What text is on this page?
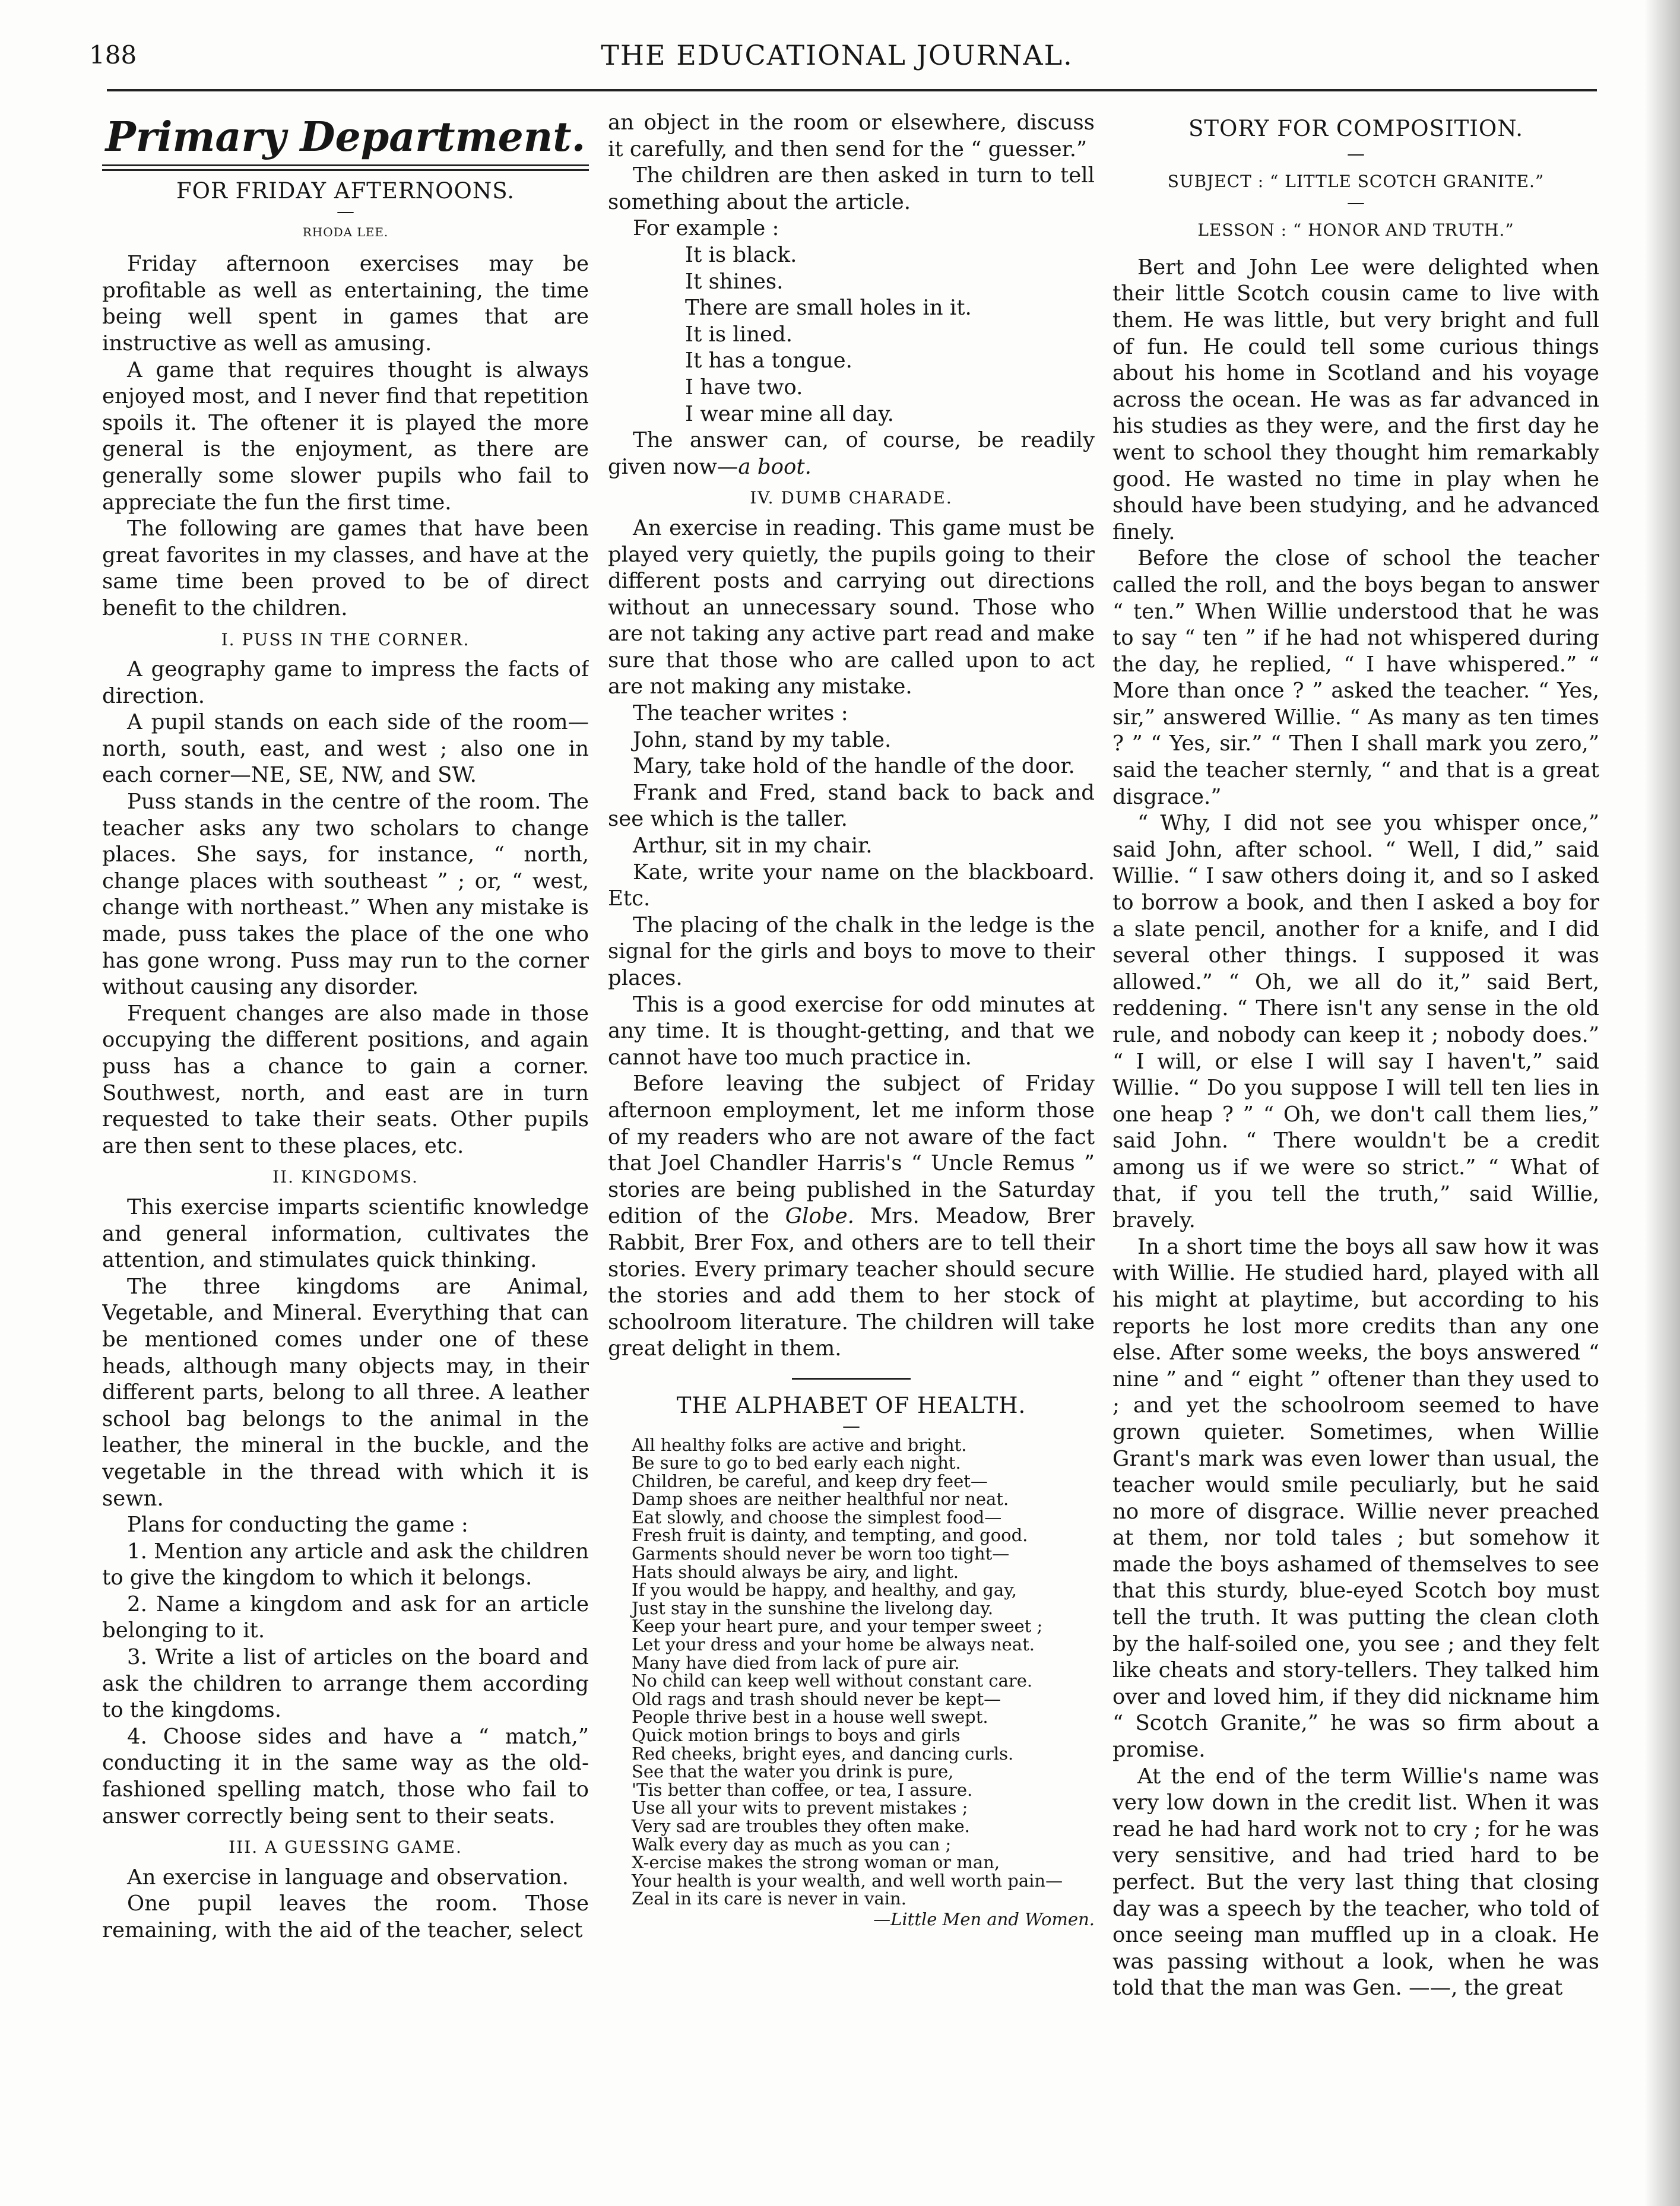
188	THE EDUCATIONAL JOURNAL.
Primary Department.
FOR FRIDAY AFTERNOONS.
—
RHODA LEE.

Friday afternoon exercises may be profitable as well as entertaining, the time being well spent in games that are instructive as well as amusing.

A game that requires thought is always enjoyed most, and I never find that repetition spoils it. The oftener it is played the more general is the enjoyment, as there are generally some slower pupils who fail to appreciate the fun the first time.

The following are games that have been great favorites in my classes, and have at the same time been proved to be of direct benefit to the children.

I. PUSS IN THE CORNER.

A geography game to impress the facts of direction.

A pupil stands on each side of the room—north, south, east, and west ; also one in each corner—NE, SE, NW, and SW.

Puss stands in the centre of the room. The teacher asks any two scholars to change places. She says, for instance, “ north, change places with southeast ” ; or, “ west, change with northeast.” When any mistake is made, puss takes the place of the one who has gone wrong. Puss may run to the corner without causing any disorder.

Frequent changes are also made in those occupying the different positions, and again puss has a chance to gain a corner. Southwest, north, and east are in turn requested to take their seats. Other pupils are then sent to these places, etc.

II. KINGDOMS.

This exercise imparts scientific knowledge and general information, cultivates the attention, and stimulates quick thinking.

The three kingdoms are Animal, Vegetable, and Mineral. Everything that can be mentioned comes under one of these heads, although many objects may, in their different parts, belong to all three. A leather school bag belongs to the animal in the leather, the mineral in the buckle, and the vegetable in the thread with which it is sewn.

Plans for conducting the game :

1. Mention any article and ask the children to give the kingdom to which it belongs.

2. Name a kingdom and ask for an article belonging to it.

3. Write a list of articles on the board and ask the children to arrange them according to the kingdoms.

4. Choose sides and have a “ match,” conducting it in the same way as the old-fashioned spelling match, those who fail to answer correctly being sent to their seats.

III. A GUESSING GAME.

An exercise in language and observation.

One pupil leaves the room. Those remaining, with the aid of the teacher, select

an object in the room or elsewhere, discuss it carefully, and then send for the “ guesser.”

The children are then asked in turn to tell something about the article.

For example :

It is black.
It shines.
There are small holes in it.
It is lined.
It has a tongue.
I have two.
I wear mine all day.

The answer can, of course, be readily given now—a boot.

IV. DUMB CHARADE.

An exercise in reading. This game must be played very quietly, the pupils going to their different posts and carrying out directions without an unnecessary sound. Those who are not taking any active part read and make sure that those who are called upon to act are not making any mistake.

The teacher writes :

John, stand by my table.

Mary, take hold of the handle of the door.

Frank and Fred, stand back to back and see which is the taller.

Arthur, sit in my chair.

Kate, write your name on the blackboard. Etc.

The placing of the chalk in the ledge is the signal for the girls and boys to move to their places.

This is a good exercise for odd minutes at any time. It is thought-getting, and that we cannot have too much practice in.

Before leaving the subject of Friday afternoon employment, let me inform those of my readers who are not aware of the fact that Joel Chandler Harris's “ Uncle Remus ” stories are being published in the Saturday edition of the Globe. Mrs. Meadow, Brer Rabbit, Brer Fox, and others are to tell their stories. Every primary teacher should secure the stories and add them to her stock of schoolroom literature. The children will take great delight in them.

THE ALPHABET OF HEALTH.
—
All healthy folks are active and bright.
Be sure to go to bed early each night.
Children, be careful, and keep dry feet—
Damp shoes are neither healthful nor neat.
Eat slowly, and choose the simplest food—
Fresh fruit is dainty, and tempting, and good.
Garments should never be worn too tight—
Hats should always be airy, and light.
If you would be happy, and healthy, and gay,
Just stay in the sunshine the livelong day.
Keep your heart pure, and your temper sweet ;
Let your dress and your home be always neat.
Many have died from lack of pure air.
No child can keep well without constant care.
Old rags and trash should never be kept—
People thrive best in a house well swept.
Quick motion brings to boys and girls
Red cheeks, bright eyes, and dancing curls.
See that the water you drink is pure,
'Tis better than coffee, or tea, I assure.
Use all your wits to prevent mistakes ;
Very sad are troubles they often make.
Walk every day as much as you can ;
X-ercise makes the strong woman or man,
Your health is your wealth, and well worth pain—
Zeal in its care is never in vain.
—Little Men and Women.
STORY FOR COMPOSITION.
—
SUBJECT : “ LITTLE SCOTCH GRANITE.”
—
LESSON : “ HONOR AND TRUTH.”

Bert and John Lee were delighted when their little Scotch cousin came to live with them. He was little, but very bright and full of fun. He could tell some curious things about his home in Scotland and his voyage across the ocean. He was as far advanced in his studies as they were, and the first day he went to school they thought him remarkably good. He wasted no time in play when he should have been studying, and he advanced finely.

Before the close of school the teacher called the roll, and the boys began to answer “ ten.” When Willie understood that he was to say “ ten ” if he had not whispered during the day, he replied, “ I have whispered.” “ More than once ? ” asked the teacher. “ Yes, sir,” answered Willie. “ As many as ten times ? ” “ Yes, sir.” “ Then I shall mark you zero,” said the teacher sternly, “ and that is a great disgrace.”

“ Why, I did not see you whisper once,” said John, after school. “ Well, I did,” said Willie. “ I saw others doing it, and so I asked to borrow a book, and then I asked a boy for a slate pencil, another for a knife, and I did several other things. I supposed it was allowed.” “ Oh, we all do it,” said Bert, reddening. “ There isn't any sense in the old rule, and nobody can keep it ; nobody does.” “ I will, or else I will say I haven't,” said Willie. “ Do you suppose I will tell ten lies in one heap ? ” “ Oh, we don't call them lies,” said John. “ There wouldn't be a credit among us if we were so strict.” “ What of that, if you tell the truth,” said Willie, bravely.

In a short time the boys all saw how it was with Willie. He studied hard, played with all his might at playtime, but according to his reports he lost more credits than any one else. After some weeks, the boys answered “ nine ” and “ eight ” oftener than they used to ; and yet the schoolroom seemed to have grown quieter. Sometimes, when Willie Grant's mark was even lower than usual, the teacher would smile peculiarly, but he said no more of disgrace. Willie never preached at them, nor told tales ; but somehow it made the boys ashamed of themselves to see that this sturdy, blue-eyed Scotch boy must tell the truth. It was putting the clean cloth by the half-soiled one, you see ; and they felt like cheats and story-tellers. They talked him over and loved him, if they did nickname him “ Scotch Granite,” he was so firm about a promise.

At the end of the term Willie's name was very low down in the credit list. When it was read he had hard work not to cry ; for he was very sensitive, and had tried hard to be perfect. But the very last thing that closing day was a speech by the teacher, who told of once seeing man muffled up in a cloak. He was passing without a look, when he was told that the man was Gen. ——, the great
